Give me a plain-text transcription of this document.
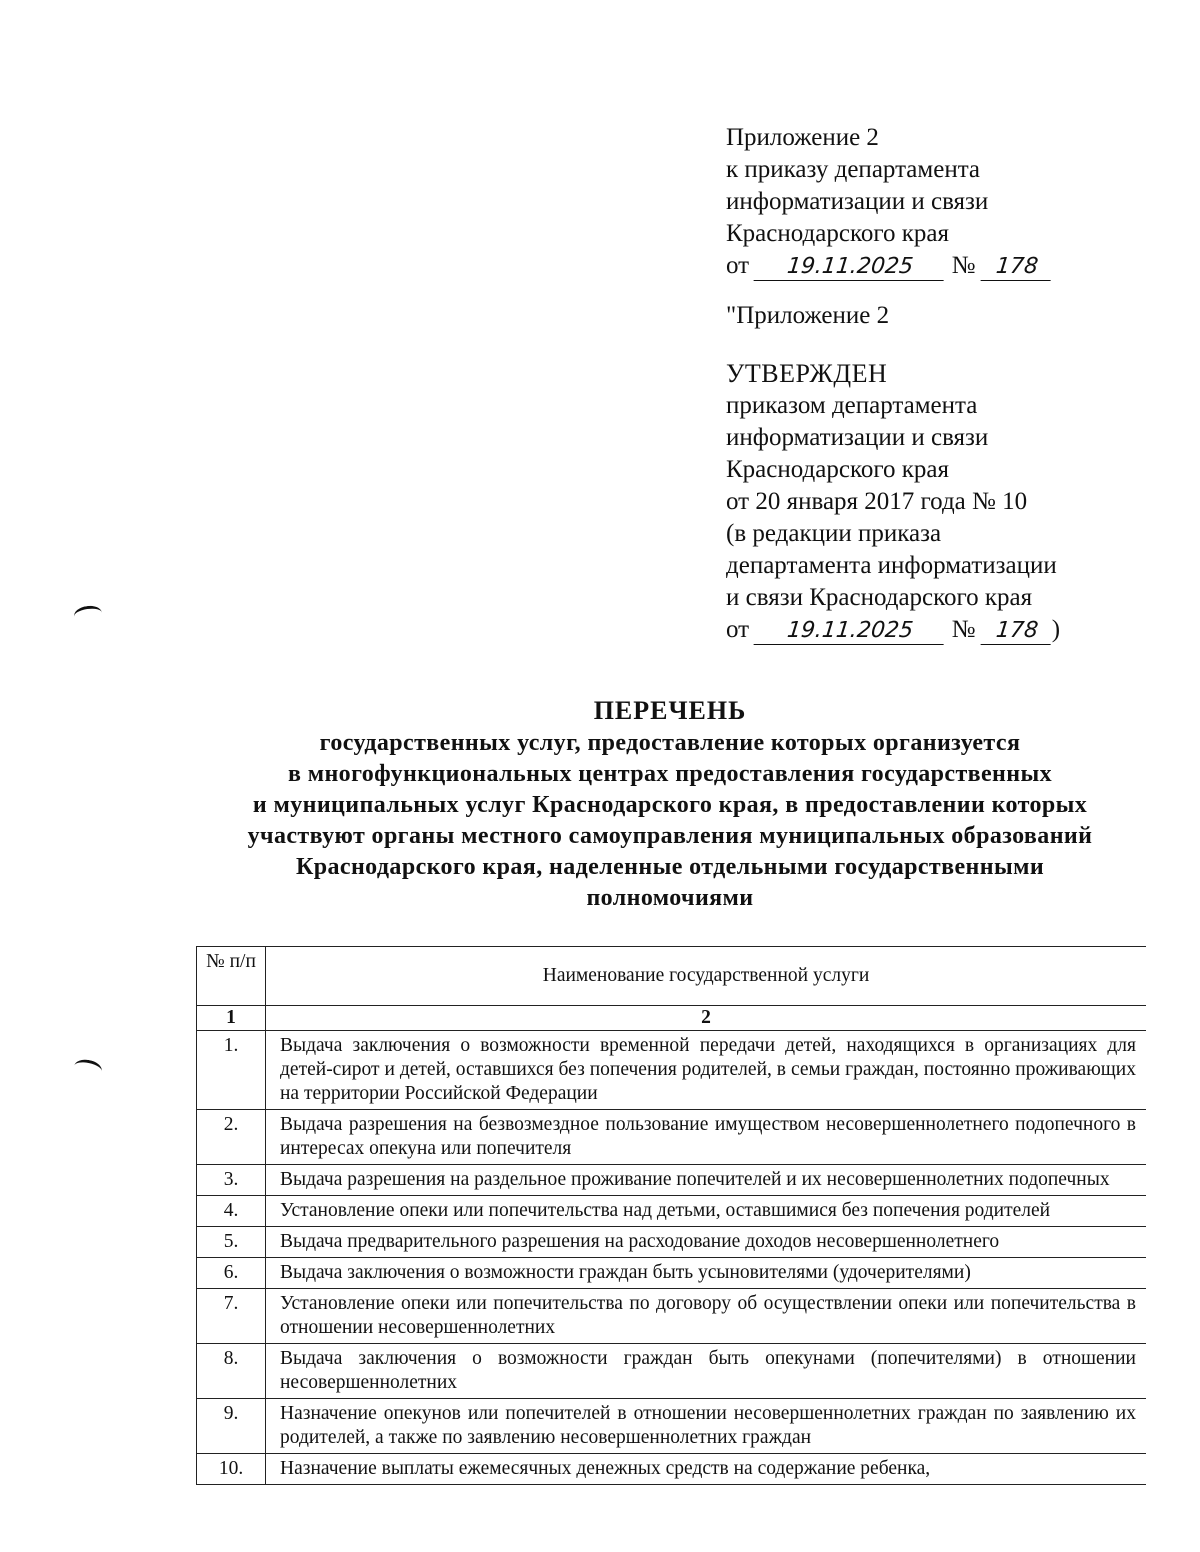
Приложение 2
к приказу департамента
информатизации и связи
Краснодарского края
от 19.11.2025 № 178
"Приложение 2
УТВЕРЖДЕН
приказом департамента
информатизации и связи
Краснодарского края
от 20 января 2017 года № 10
(в редакции приказа
департамента информатизации
и связи Краснодарского края
от 19.11.2025 № 178 )
ПЕРЕЧЕНЬ
государственных услуг, предоставление которых организуется
в многофункциональных центрах предоставления государственных
и муниципальных услуг Краснодарского края, в предоставлении которых
участвуют органы местного самоуправления муниципальных образований
Краснодарского края, наделенные отдельными государственными
полномочиями
№ п/п	Наименование государственной услуги
1	2
1.	Выдача заключения о возможности временной передачи детей, находящихся в организациях для детей-сирот и детей, оставшихся без попечения родителей, в семьи граждан, постоянно проживающих на территории Российской Федерации
2.	Выдача разрешения на безвозмездное пользование имуществом несовершеннолетнего подопечного в интересах опекуна или попечителя
3.	Выдача разрешения на раздельное проживание попечителей и их несовершеннолетних подопечных
4.	Установление опеки или попечительства над детьми, оставшимися без попечения родителей
5.	Выдача предварительного разрешения на расходование доходов несовершеннолетнего
6.	Выдача заключения о возможности граждан быть усыновителями (удочерителями)
7.	Установление опеки или попечительства по договору об осуществлении опеки или попечительства в отношении несовершеннолетних
8.	Выдача заключения о возможности граждан быть опекунами (попечителями) в отношении несовершеннолетних
9.	Назначение опекунов или попечителей в отношении несовершеннолетних граждан по заявлению их родителей, а также по заявлению несовершеннолетних граждан
10.	Назначение выплаты ежемесячных денежных средств на содержание ребенка,
